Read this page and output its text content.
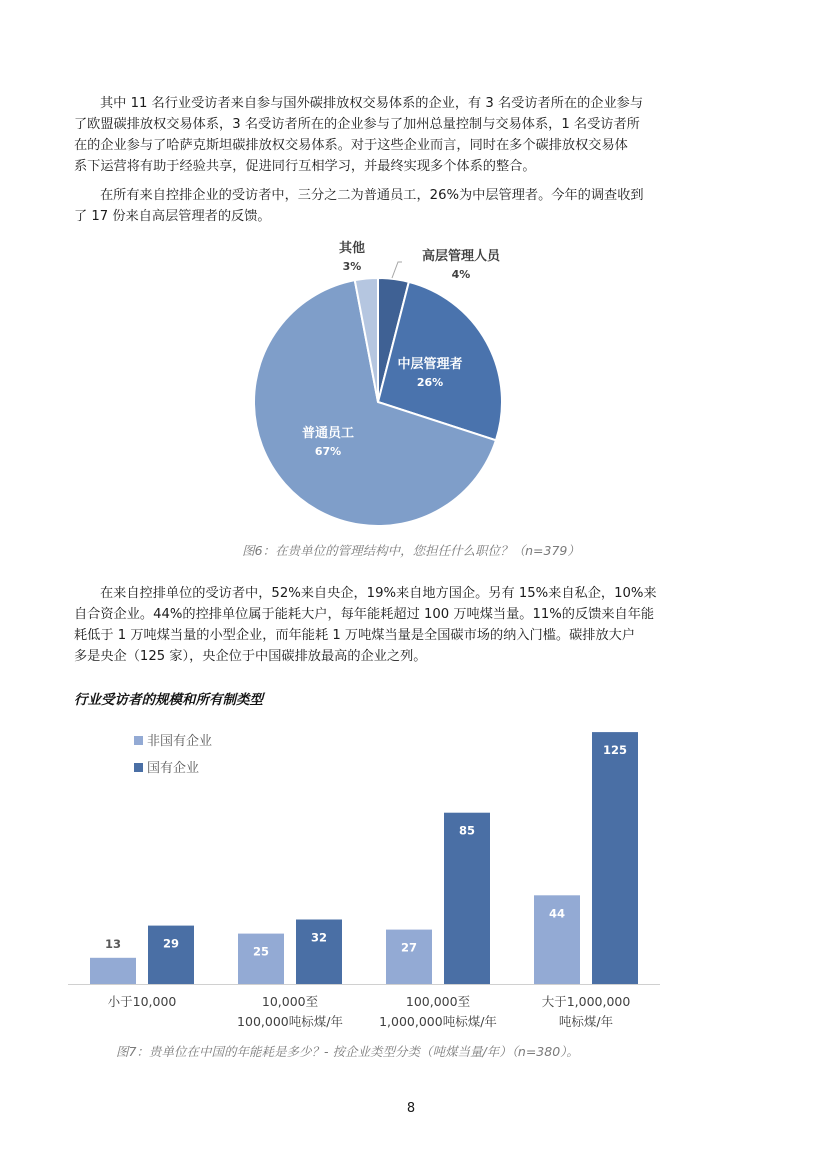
其中 11 名行业受访者来自参与国外碳排放权交易体系的企业，有 3 名受访者所在的企业参与
了欧盟碳排放权交易体系，3 名受访者所在的企业参与了加州总量控制与交易体系，1 名受访者所
在的企业参与了哈萨克斯坦碳排放权交易体系。对于这些企业而言，同时在多个碳排放权交易体
系下运营将有助于经验共享，促进同行互相学习，并最终实现多个体系的整合。
在所有来自控排企业的受访者中，三分之二为普通员工，26%为中层管理者。今年的调查收到
了 17 份来自高层管理者的反馈。
高层管理人员
4%
中层管理者
26%
普通员工
67%
其他
3%
图6：在贵单位的管理结构中，您担任什么职位？（n=379）
在来自控排单位的受访者中，52%来自央企，19%来自地方国企。另有 15%来自私企，10%来
自合资企业。44%的控排单位属于能耗大户，每年能耗超过 100 万吨煤当量。11%的反馈来自年能
耗低于 1 万吨煤当量的小型企业，而年能耗 1 万吨煤当量是全国碳市场的纳入门槛。碳排放大户
多是央企（125 家），央企位于中国碳排放最高的企业之列。
行业受访者的规模和所有制类型
13	29
小于10,000
25
32
10,000至
100,000吨标煤/年
27
85
100,000至
1,000,000吨标煤/年
44
125
大于1,000,000
吨标煤/年
非国有企业
国有企业
图7：贵单位在中国的年能耗是多少？- 按企业类型分类（吨煤当量/年）（n=380）。
8
